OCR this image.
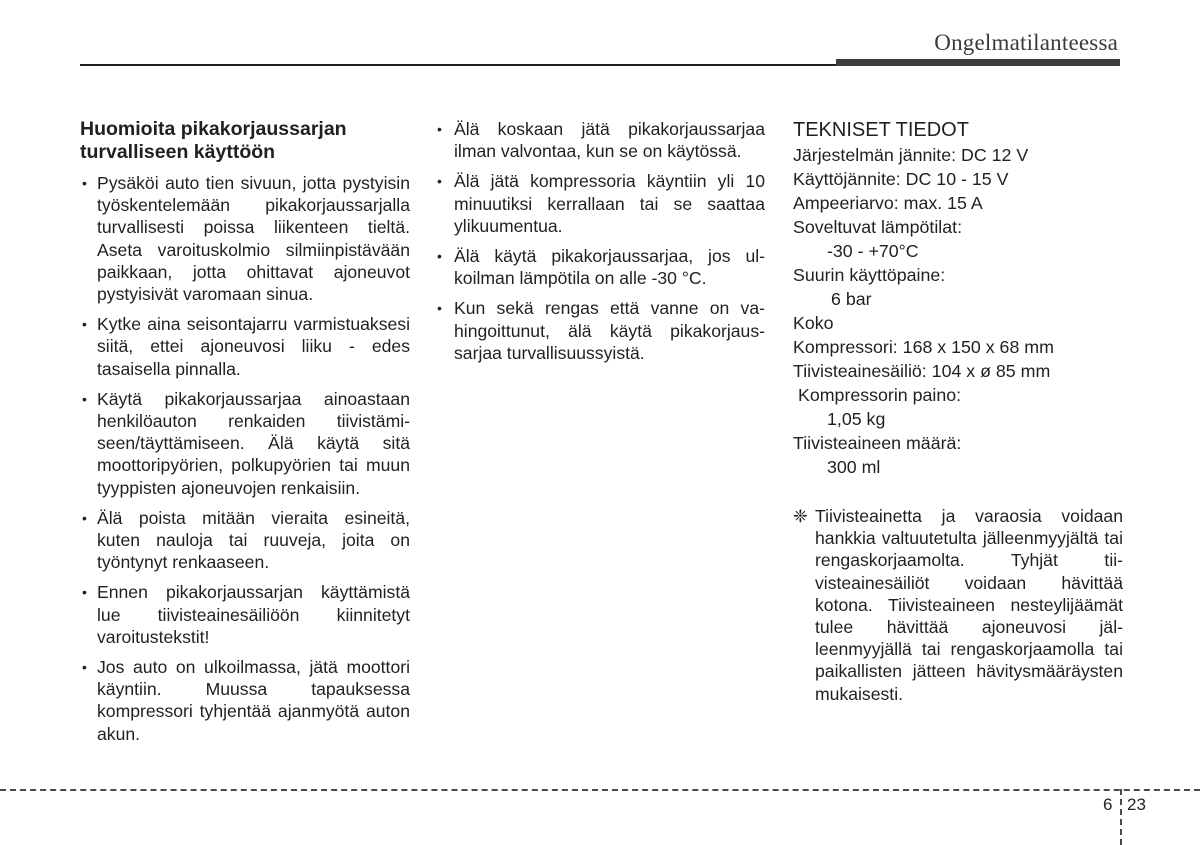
Ongelmatilanteessa
Huomioita pikakorjaussarjan turvalliseen käyttöön
• Pysäköi auto tien sivuun, jotta pystyisin työskentelemään pikakorjaussarjalla turvallisesti poissa liikenteen tieltä. Aseta varoituskolmio silmiinpistävään paikkaan, jotta ohittavat ajoneuvot pystyisivät varomaan sinua.
• Kytke aina seisontajarru varmistuaksesi siitä, ettei ajoneuvosi liiku - edes tasaisella pinnalla.
• Käytä pikakorjaussarjaa ainoastaan henkilöauton renkaiden tiivistämiseen/täyttämiseen. Älä käytä sitä moottoripyörien, polkupyörien tai muun tyyppisten ajoneuvojen renkaisiin.
• Älä poista mitään vieraita esineitä, kuten nauloja tai ruuveja, joita on työntynyt renkaaseen.
• Ennen pikakorjaussarjan käyttämistä lue tiivisteainesäiliöön kiinnitetyt varoitustekstit!
• Jos auto on ulkoilmassa, jätä moottori käyntiin. Muussa tapauksessa kompressori tyhjentää ajanmyötä auton akun.
• Älä koskaan jätä pikakorjaussarjaa ilman valvontaa, kun se on käytössä.
• Älä jätä kompressoria käyntiin yli 10 minuutiksi kerrallaan tai se saattaa ylikuumentua.
• Älä käytä pikakorjaussarjaa, jos ulkoilman lämpötila on alle -30 °C.
• Kun sekä rengas että vanne on vahingoittunut, älä käytä pikakorjaussarjaa turvallisuussyistä.
TEKNISET TIEDOT
Järjestelmän jännite: DC 12 V
Käyttöjännite: DC 10 - 15 V
Ampeeriarvo: max. 15 A
Soveltuvat lämpötilat:
-30 - +70°C
Suurin käyttöpaine:
6 bar
Koko
Kompressori: 168 x 150 x 68 mm
Tiivisteainesäiliö: 104 x ø 85 mm
Kompressorin paino:
1,05 kg
Tiivisteaineen määrä:
300 ml
❈ Tiivisteainetta ja varaosia voidaan hankkia valtuutetulta jälleenmyyjältä tai rengaskorjaamolta. Tyhjät tiivisteainesäiliöt voidaan hävittää kotona. Tiivisteaineen nesteylijäämät tulee hävittää ajoneuvosi jälleenmyyjällä tai rengaskorjaamolla tai paikallisten jätteen hävitysmääräysten mukaisesti.
6 23
